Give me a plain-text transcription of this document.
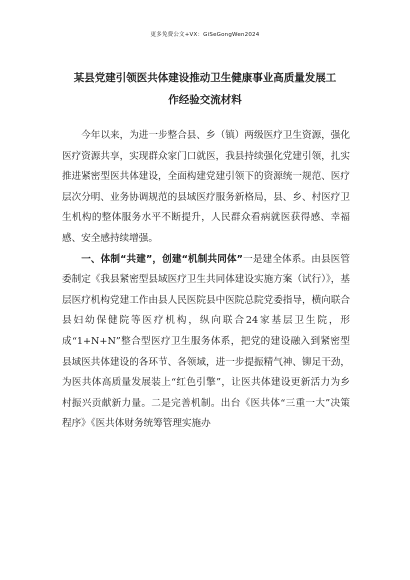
更多免费公文+VX：GiSeGongWen2024
某县党建引领医共体建设推动卫生健康事业高质量发展工
作经验交流材料

今年以来，为进一步整合县、乡（镇）两级医疗卫生资源，强化医疗资源共享，实现群众家门口就医，我县持续强化党建引领，扎实推进紧密型医共体建设，全面构建党建引领下的资源统一规范、医疗层次分明、业务协调规范的县域医疗服务新格局，县、乡、村医疗卫生机构的整体服务水平不断提升，人民群众看病就医获得感、幸福感、安全感持续增强。

一、体制“共建”，创建“机制共同体”一是建全体系。由县医管委制定《我县紧密型县域医疗卫生共同体建设实施方案（试行）》，基层医疗机构党建工作由县人民医院县中医院总院党委指导，横向联合县妇幼保健院等医疗机构，纵向联合24家基层卫生院，形成“1+N+N”整合型医疗卫生服务体系，把党的建设融入到紧密型县域医共体建设的各环节、各领域，进一步提振精气神、铆足干劲，为医共体高质量发展装上“红色引擎”，让医共体建设更新活力为乡村振兴贡献新力量。二是完善机制。出台《医共体“三重一大”决策程序》《医共体财务统筹管理实施办
